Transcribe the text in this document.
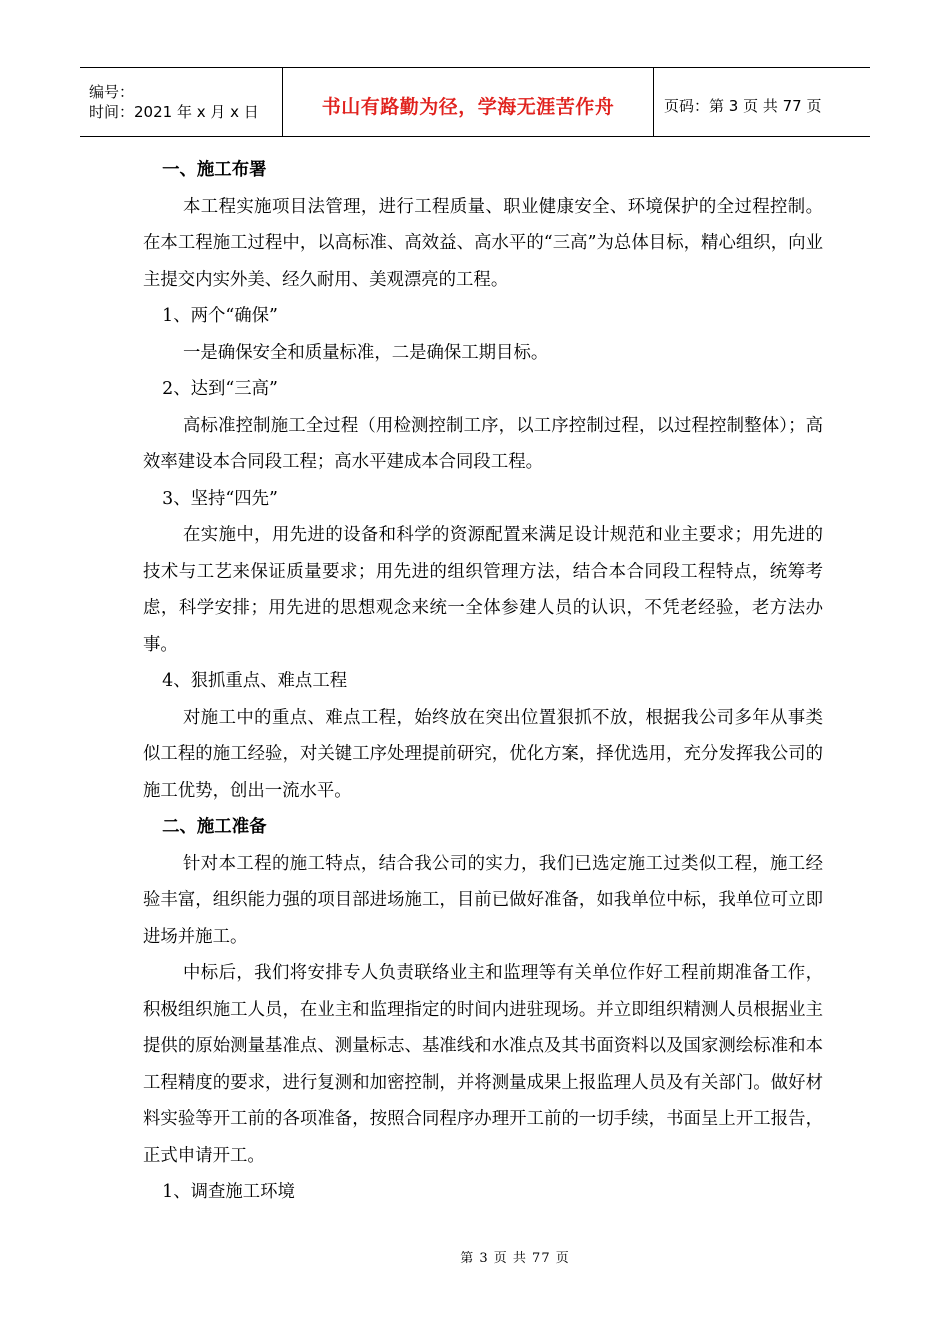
编号：
时间：2021 年 x 月 x 日	书山有路勤为径，学海无涯苦作舟	页码：第 3 页 共 77 页

一、施工布署

本工程实施项目法管理，进行工程质量、职业健康安全、环境保护的全过程控制。在本工程施工过程中，以高标准、高效益、高水平的“三高”为总体目标，精心组织，向业主提交内实外美、经久耐用、美观漂亮的工程。

1、两个“确保”

一是确保安全和质量标准，二是确保工期目标。

2、达到“三高”

高标准控制施工全过程（用检测控制工序，以工序控制过程，以过程控制整体）；高效率建设本合同段工程；高水平建成本合同段工程。

3、坚持“四先”

在实施中，用先进的设备和科学的资源配置来满足设计规范和业主要求；用先进的技术与工艺来保证质量要求；用先进的组织管理方法，结合本合同段工程特点，统筹考虑，科学安排；用先进的思想观念来统一全体参建人员的认识，不凭老经验，老方法办事。

4、狠抓重点、难点工程

对施工中的重点、难点工程，始终放在突出位置狠抓不放，根据我公司多年从事类似工程的施工经验，对关键工序处理提前研究，优化方案，择优选用，充分发挥我公司的施工优势，创出一流水平。

二、施工准备

针对本工程的施工特点，结合我公司的实力，我们已选定施工过类似工程，施工经验丰富，组织能力强的项目部进场施工，目前已做好准备，如我单位中标，我单位可立即进场并施工。

中标后，我们将安排专人负责联络业主和监理等有关单位作好工程前期准备工作，积极组织施工人员，在业主和监理指定的时间内进驻现场。并立即组织精测人员根据业主提供的原始测量基准点、测量标志、基准线和水准点及其书面资料以及国家测绘标准和本工程精度的要求，进行复测和加密控制，并将测量成果上报监理人员及有关部门。做好材料实验等开工前的各项准备，按照合同程序办理开工前的一切手续，书面呈上开工报告，正式申请开工。

1、调查施工环境

第 3 页 共 77 页
